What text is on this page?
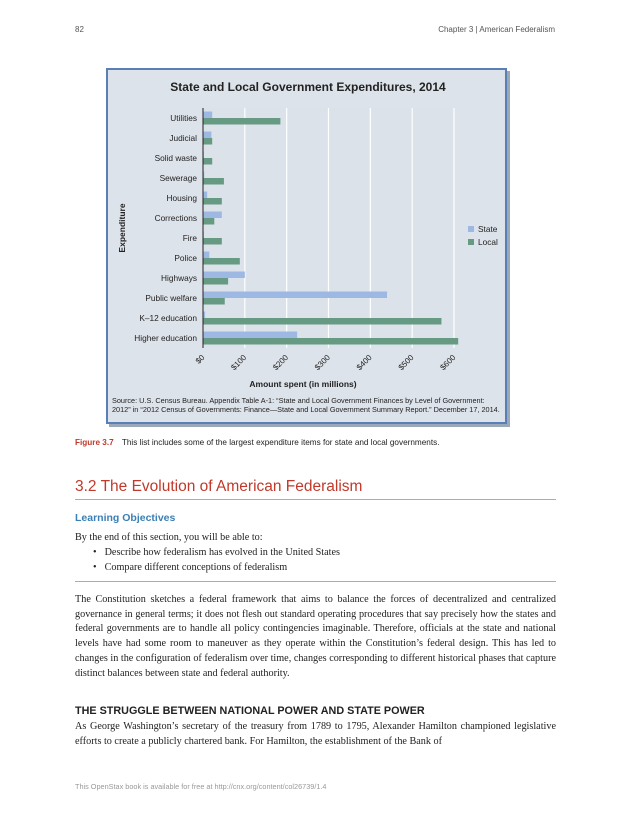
82	Chapter 3 | American Federalism
State and Local Government Expenditures, 2014
Utilities
Judicial
Solid waste
Sewerage
Housing
Corrections
Fire
Police
Highways
Public welfare
K–12 education
Higher education
$0	$100	$200	$300	$400	$500	$600
Amount spent (in millions)
Expenditure	State
Local
Source: U.S. Census Bureau. Appendix Table A-1: “State and Local Government Finances by Level of Government: 2012” in “2012 Census of Governments: Finance—State and Local Government Summary Report.” December 17, 2014.
Figure 3.7 This list includes some of the largest expenditure items for state and local governments.
3.2 The Evolution of American Federalism
Learning Objectives
By the end of this section, you will be able to:
• Describe how federalism has evolved in the United States
• Compare different conceptions of federalism
The Constitution sketches a federal framework that aims to balance the forces of decentralized and centralized governance in general terms; it does not flesh out standard operating procedures that say precisely how the states and federal governments are to handle all policy contingencies imaginable. Therefore, officials at the state and national levels have had some room to maneuver as they operate within the Constitution’s federal design. This has led to changes in the configuration of federalism over time, changes corresponding to different historical phases that capture distinct balances between state and federal authority.
THE STRUGGLE BETWEEN NATIONAL POWER AND STATE POWER
As George Washington’s secretary of the treasury from 1789 to 1795, Alexander Hamilton championed legislative efforts to create a publicly chartered bank. For Hamilton, the establishment of the Bank of
This OpenStax book is available for free at http://cnx.org/content/col26739/1.4
